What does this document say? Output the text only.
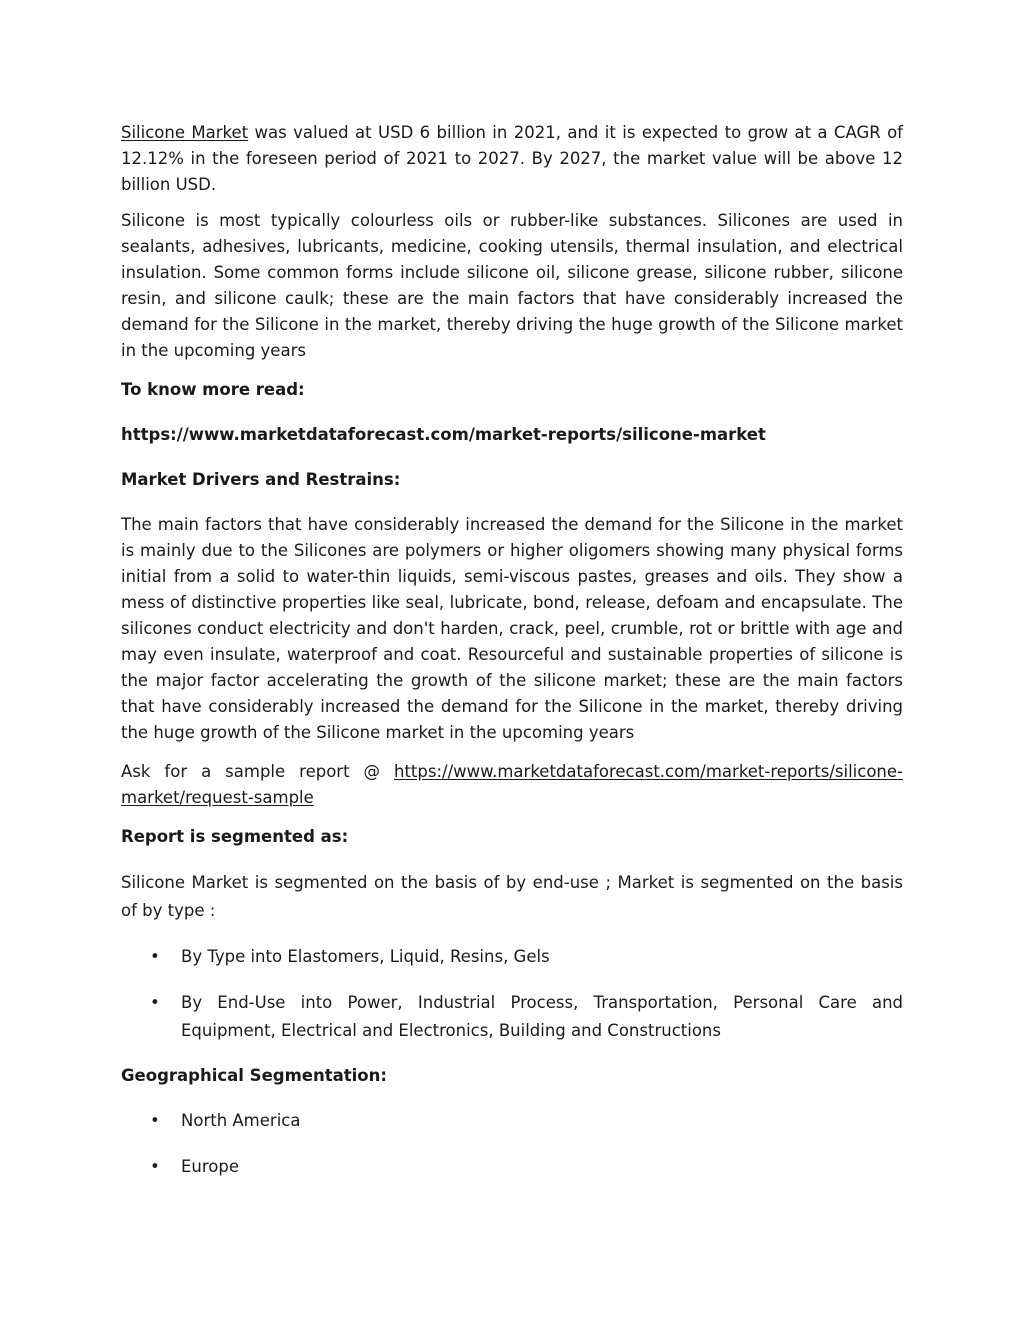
Silicone Market was valued at USD 6 billion in 2021, and it is expected to grow at a CAGR of 12.12% in the foreseen period of 2021 to 2027. By 2027, the market value will be above 12 billion USD.

Silicone is most typically colourless oils or rubber-like substances. Silicones are used in sealants, adhesives, lubricants, medicine, cooking utensils, thermal insulation, and electrical insulation. Some common forms include silicone oil, silicone grease, silicone rubber, silicone resin, and silicone caulk; these are the main factors that have considerably increased the demand for the Silicone in the market, thereby driving the huge growth of the Silicone market in the upcoming years

To know more read:

https://www.marketdataforecast.com/market-reports/silicone-market

Market Drivers and Restrains:

The main factors that have considerably increased the demand for the Silicone in the market is mainly due to the Silicones are polymers or higher oligomers showing many physical forms initial from a solid to water-thin liquids, semi-viscous pastes, greases and oils. They show a mess of distinctive properties like seal, lubricate, bond, release, defoam and encapsulate. The silicones conduct electricity and don't harden, crack, peel, crumble, rot or brittle with age and may even insulate, waterproof and coat. Resourceful and sustainable properties of silicone is the major factor accelerating the growth of the silicone market; these are the main factors that have considerably increased the demand for the Silicone in the market, thereby driving the huge growth of the Silicone market in the upcoming years

Ask for a sample report @ https://www.marketdataforecast.com/market-reports/silicone-market/request-sample

Report is segmented as:

Silicone Market is segmented on the basis of by end-use ; Market is segmented on the basis of by type :

• By Type into Elastomers, Liquid, Resins, Gels
• By End-Use into Power, Industrial Process, Transportation, Personal Care and Equipment, Electrical and Electronics, Building and Constructions

Geographical Segmentation:

• North America
• Europe
